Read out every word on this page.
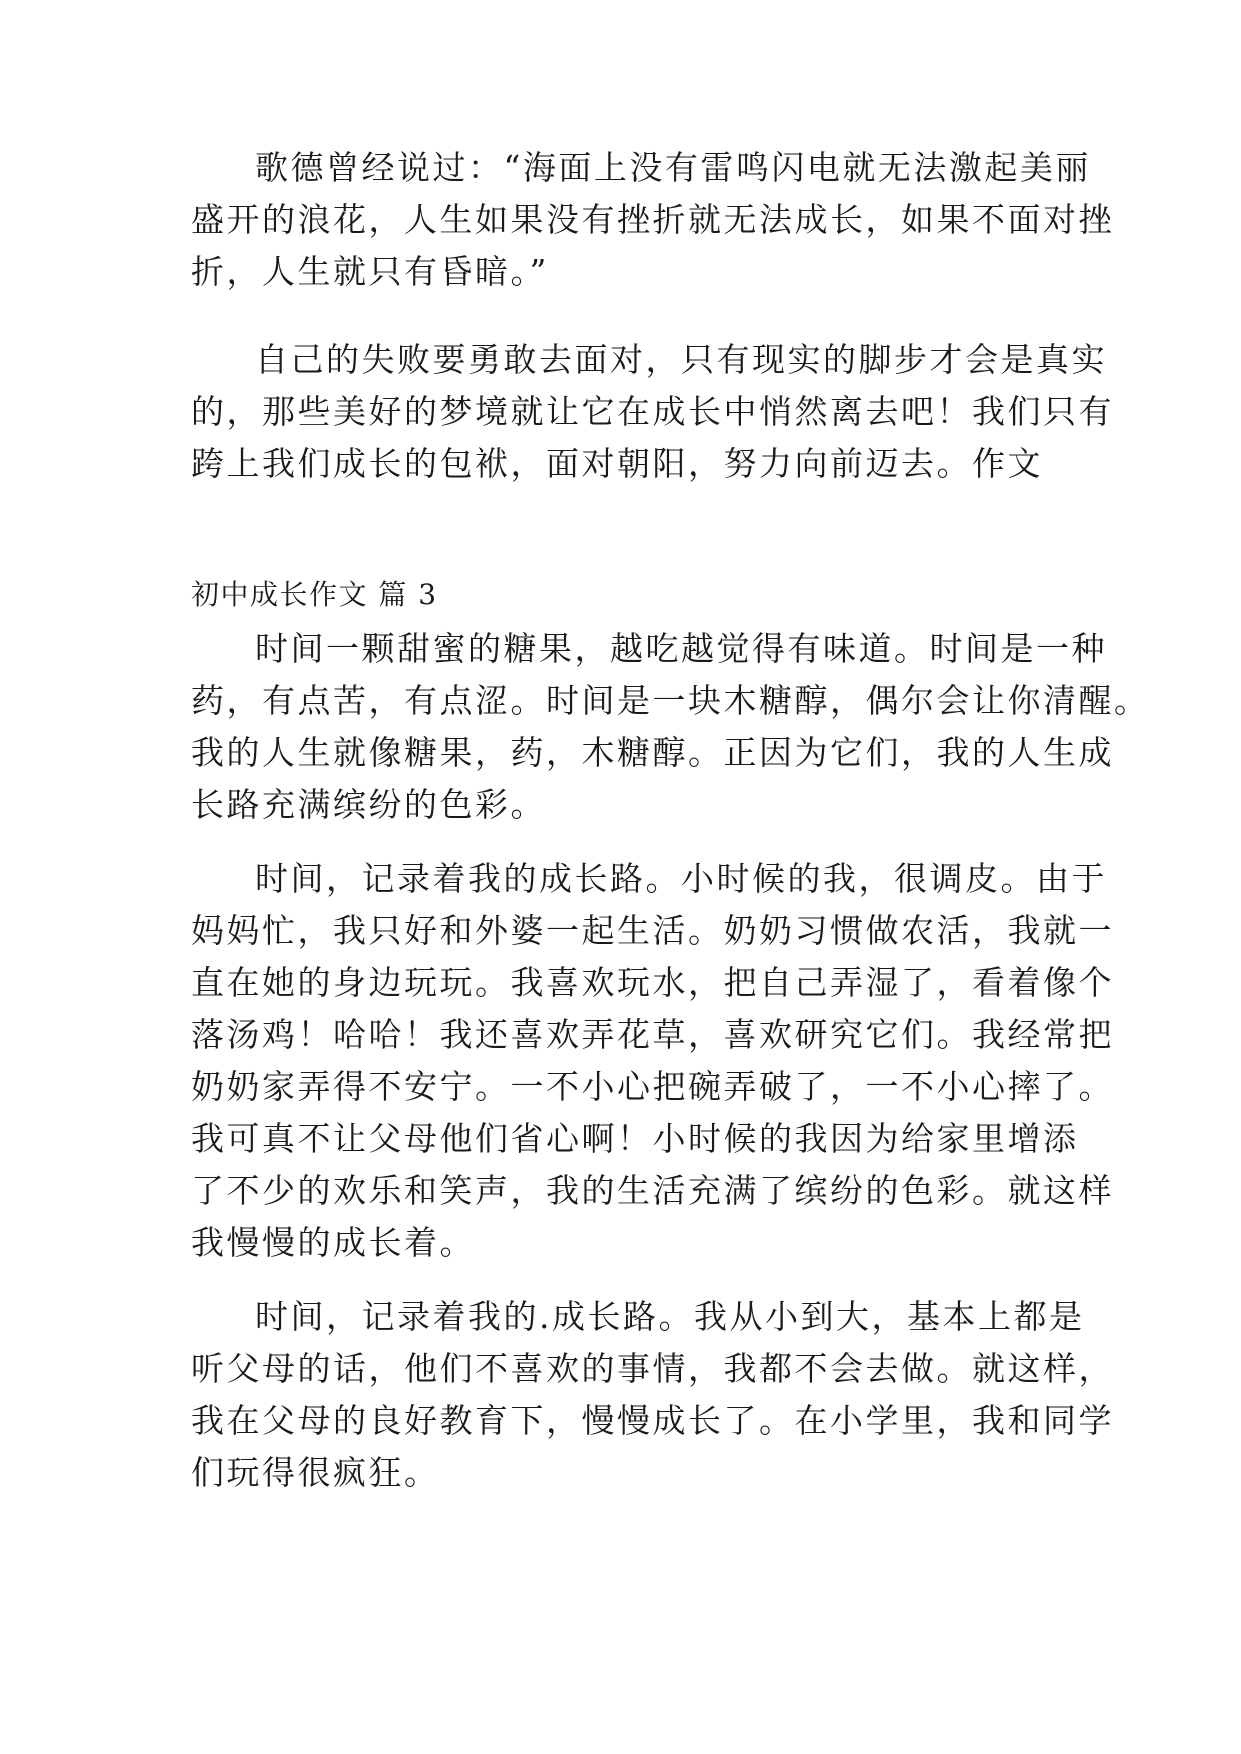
歌德曾经说过：“海面上没有雷鸣闪电就无法激起美丽
盛开的浪花，人生如果没有挫折就无法成长，如果不面对挫
折，人生就只有昏暗。”
自己的失败要勇敢去面对，只有现实的脚步才会是真实
的，那些美好的梦境就让它在成长中悄然离去吧！我们只有
跨上我们成长的包袱，面对朝阳，努力向前迈去。作文
初中成长作文 篇 3
时间一颗甜蜜的糖果，越吃越觉得有味道。时间是一种
药，有点苦，有点涩。时间是一块木糖醇，偶尔会让你清醒。
我的人生就像糖果，药，木糖醇。正因为它们，我的人生成
长路充满缤纷的色彩。
时间，记录着我的成长路。小时候的我，很调皮。由于
妈妈忙，我只好和外婆一起生活。奶奶习惯做农活，我就一
直在她的身边玩玩。我喜欢玩水，把自己弄湿了，看着像个
落汤鸡！哈哈！我还喜欢弄花草，喜欢研究它们。我经常把
奶奶家弄得不安宁。一不小心把碗弄破了，一不小心摔了。
我可真不让父母他们省心啊！小时候的我因为给家里增添
了不少的欢乐和笑声，我的生活充满了缤纷的色彩。就这样
我慢慢的成长着。
时间，记录着我的.成长路。我从小到大，基本上都是
听父母的话，他们不喜欢的事情，我都不会去做。就这样，
我在父母的良好教育下，慢慢成长了。在小学里，我和同学
们玩得很疯狂。
